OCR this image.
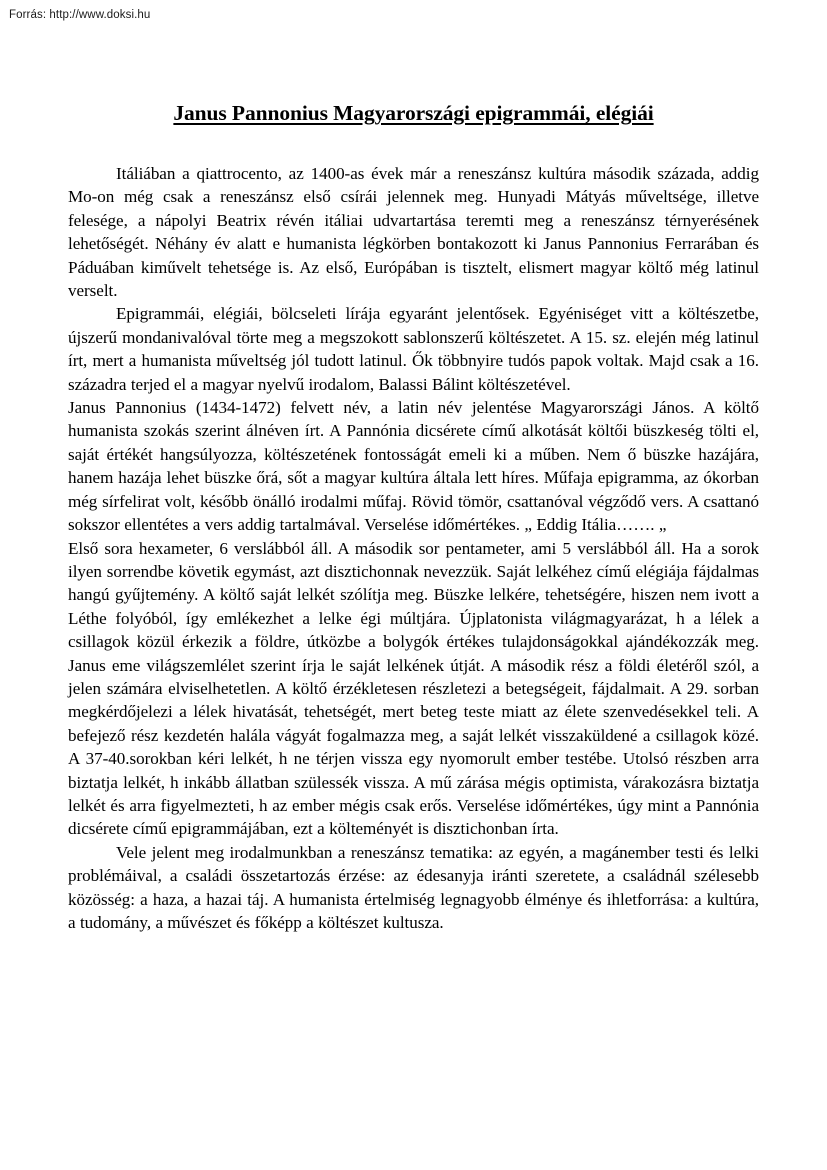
Forrás: http://www.doksi.hu
Janus Pannonius Magyarországi epigrammái, elégiái

Itáliában a qiattrocento, az 1400-as évek már a reneszánsz kultúra második százada, addig Mo-on még csak a reneszánsz első csírái jelennek meg. Hunyadi Mátyás műveltsége, illetve felesége, a nápolyi Beatrix révén itáliai udvartartása teremti meg a reneszánsz térnyerésének lehetőségét. Néhány év alatt e humanista légkörben bontakozott ki Janus Pannonius Ferrarában és Páduában kiművelt tehetsége is. Az első, Európában is tisztelt, elismert magyar költő még latinul verselt.

Epigrammái, elégiái, bölcseleti lírája egyaránt jelentősek. Egyéniséget vitt a költészetbe, újszerű mondanivalóval törte meg a megszokott sablonszerű költészetet. A 15. sz. elején még latinul írt, mert a humanista műveltség jól tudott latinul. Ők többnyire tudós papok voltak. Majd csak a 16. századra terjed el a magyar nyelvű irodalom, Balassi Bálint költészetével.

Janus Pannonius (1434-1472) felvett név, a latin név jelentése Magyarországi János. A költő humanista szokás szerint álnéven írt. A Pannónia dicsérete című alkotását költői büszkeség tölti el, saját értékét hangsúlyozza, költészetének fontosságát emeli ki a műben. Nem ő büszke hazájára, hanem hazája lehet büszke őrá, sőt a magyar kultúra általa lett híres. Műfaja epigramma, az ókorban még sírfelirat volt, később önálló irodalmi műfaj. Rövid tömör, csattanóval végződő vers. A csattanó sokszor ellentétes a vers addig tartalmával. Verselése időmértékes. „ Eddig Itália……. „

Első sora hexameter, 6 verslábból áll. A második sor pentameter, ami 5 verslábból áll. Ha a sorok ilyen sorrendbe követik egymást, azt disztichonnak nevezzük. Saját lelkéhez című elégiája fájdalmas hangú gyűjtemény. A költő saját lelkét szólítja meg. Büszke lelkére, tehetségére, hiszen nem ivott a Léthe folyóból, így emlékezhet a lelke égi múltjára. Újplatonista világmagyarázat, h a lélek a csillagok közül érkezik a földre, útközbe a bolygók értékes tulajdonságokkal ajándékozzák meg. Janus eme világszemlélet szerint írja le saját lelkének útját. A második rész a földi életéről szól, a jelen számára elviselhetetlen. A költő érzékletesen részletezi a betegségeit, fájdalmait. A 29. sorban megkérdőjelezi a lélek hivatását, tehetségét, mert beteg teste miatt az élete szenvedésekkel teli. A befejező rész kezdetén halála vágyát fogalmazza meg, a saját lelkét visszaküldené a csillagok közé. A 37-40.sorokban kéri lelkét, h ne térjen vissza egy nyomorult ember testébe. Utolsó részben arra biztatja lelkét, h inkább állatban szülessék vissza. A mű zárása mégis optimista, várakozásra biztatja lelkét és arra figyelmezteti, h az ember mégis csak erős. Verselése időmértékes, úgy mint a Pannónia dicsérete című epigrammájában, ezt a költeményét is disztichonban írta.

Vele jelent meg irodalmunkban a reneszánsz tematika: az egyén, a magánember testi és lelki problémáival, a családi összetartozás érzése: az édesanyja iránti szeretete, a családnál szélesebb közösség: a haza, a hazai táj. A humanista értelmiség legnagyobb élménye és ihletforrása: a kultúra, a tudomány, a művészet és főképp a költészet kultusza.
